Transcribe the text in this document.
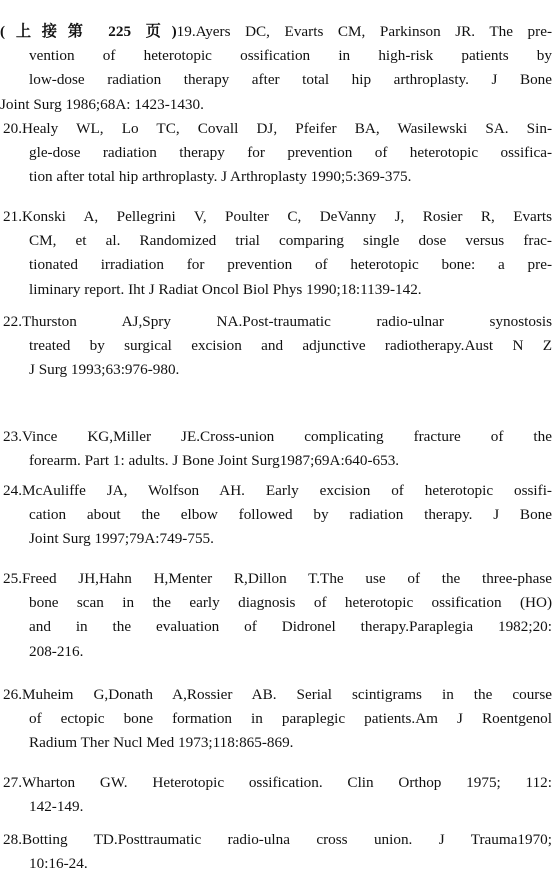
(上接第 225 页)19.Ayers DC, Evarts CM, Parkinson JR. The pre-
vention of heterotopic ossification in high-risk patients by
low-dose radiation therapy after total hip arthroplasty. J Bone
Joint Surg 1986;68A: 1423-1430.
20.Healy WL, Lo TC, Covall DJ, Pfeifer BA, Wasilewski SA. Sin-
gle-dose radiation therapy for prevention of heterotopic ossifica-
tion after total hip arthroplasty. J Arthroplasty 1990;5:369-375.
21.Konski A, Pellegrini V, Poulter C, DeVanny J, Rosier R, Evarts
CM, et al. Randomized trial comparing single dose versus frac-
tionated irradiation for prevention of heterotopic bone: a pre-
liminary report. Iht J Radiat Oncol Biol Phys 1990;18:1139-142.
22.Thurston AJ,Spry NA.Post-traumatic radio-ulnar synostosis
treated by surgical excision and adjunctive radiotherapy.Aust N Z
J Surg 1993;63:976-980.
23.Vince KG,Miller JE.Cross-union complicating fracture of the
forearm. Part 1: adults. J Bone Joint Surg1987;69A:640-653.
24.McAuliffe JA, Wolfson AH. Early excision of heterotopic ossifi-
cation about the elbow followed by radiation therapy. J Bone
Joint Surg 1997;79A:749-755.
25.Freed JH,Hahn H,Menter R,Dillon T.The use of the three-phase
bone scan in the early diagnosis of heterotopic ossification (HO)
and in the evaluation of Didronel therapy.Paraplegia 1982;20:
208-216.
26.Muheim G,Donath A,Rossier AB. Serial scintigrams in the course
of ectopic bone formation in paraplegic patients.Am J Roentgenol
Radium Ther Nucl Med 1973;118:865-869.
27.Wharton GW. Heterotopic ossification. Clin Orthop 1975; 112:
142-149.
28.Botting TD.Posttraumatic radio-ulna cross union. J Trauma1970;
10:16-24.
